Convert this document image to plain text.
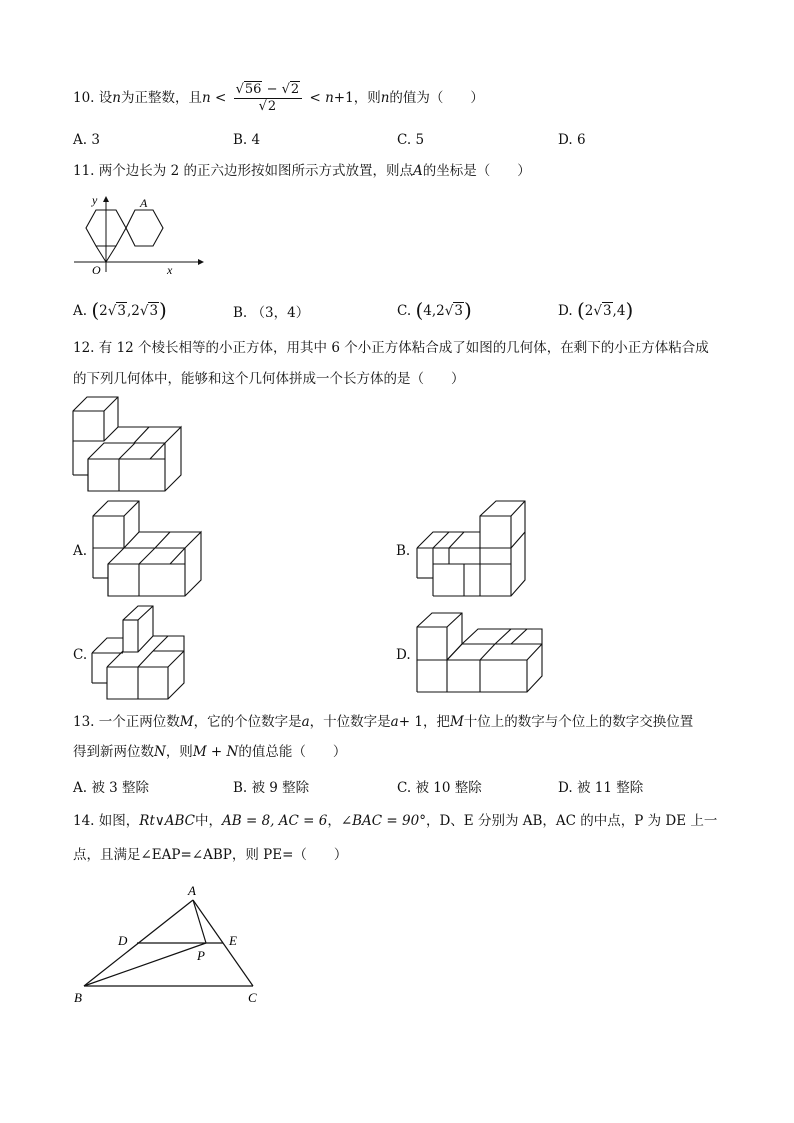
10. 设n为正整数，且$n < \frac{√56 - √2}{√2} < n+1$，则n的值为（　　）
A. 3	B. 4	C. 5	D. 6
11. 两个边长为 2 的正六边形按如图所示方式放置，则点A的坐标是（　　）
y
x
O
A
A. (2√3,2√3)	B. （3，4）	C. (4,2√3)	D. (2√3,4)
12. 有 12 个棱长相等的小正方体，用其中 6 个小正方体粘合成了如图的几何体，在剩下的小正方体粘合成
的下列几何体中，能够和这个几何体拼成一个长方体的是（　　）
A.	B.
C.	D.
13. 一个正两位数M，它的个位数字是a，十位数字是a+ 1，把M十位上的数字与个位上的数字交换位置
得到新两位数N，则M + N的值总能（　　）
A. 被 3 整除	B. 被 9 整除	C. 被 10 整除	D. 被 11 整除
14. 如图，Rt∨ABC中，AB = 8, AC = 6，∠BAC = 90°，D、E 分别为 AB，AC 的中点，P 为 DE 上一
点，且满足∠EAP=∠ABP，则 PE=（　　）
A
B	C
D	E
P
